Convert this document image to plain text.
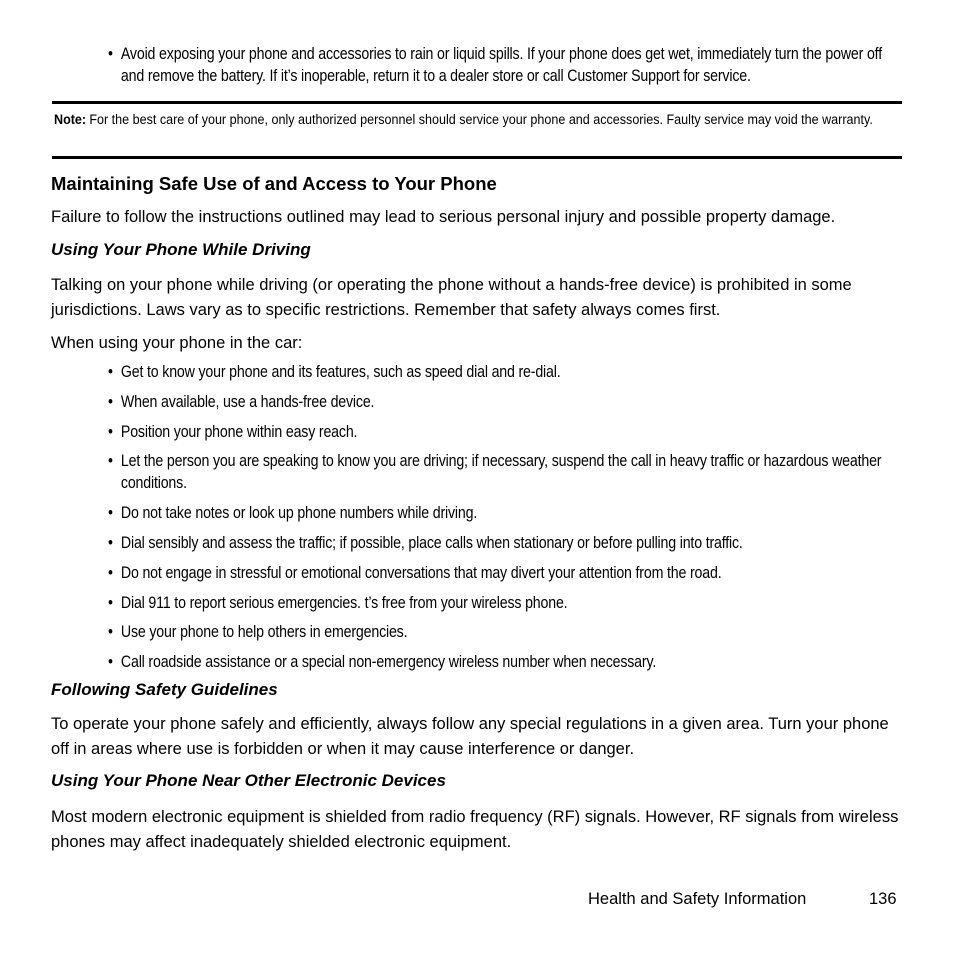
• Avoid exposing your phone and accessories to rain or liquid spills. If your phone does get wet, immediately turn the power off and remove the battery. If it’s inoperable, return it to a dealer store or call Customer Support for service.
Note: For the best care of your phone, only authorized personnel should service your phone and accessories. Faulty service may void the warranty.
Maintaining Safe Use of and Access to Your Phone
Failure to follow the instructions outlined may lead to serious personal injury and possible property damage.
Using Your Phone While Driving
Talking on your phone while driving (or operating the phone without a hands-free device) is prohibited in some jurisdictions. Laws vary as to specific restrictions. Remember that safety always comes first.
When using your phone in the car:
• Get to know your phone and its features, such as speed dial and re-dial.
• When available, use a hands-free device.
• Position your phone within easy reach.
• Let the person you are speaking to know you are driving; if necessary, suspend the call in heavy traffic or hazardous weather conditions.
• Do not take notes or look up phone numbers while driving.
• Dial sensibly and assess the traffic; if possible, place calls when stationary or before pulling into traffic.
• Do not engage in stressful or emotional conversations that may divert your attention from the road.
• Dial 911 to report serious emergencies. t’s free from your wireless phone.
• Use your phone to help others in emergencies.
• Call roadside assistance or a special non-emergency wireless number when necessary.
Following Safety Guidelines
To operate your phone safely and efficiently, always follow any special regulations in a given area. Turn your phone off in areas where use is forbidden or when it may cause interference or danger.
Using Your Phone Near Other Electronic Devices
Most modern electronic equipment is shielded from radio frequency (RF) signals. However, RF signals from wireless phones may affect inadequately shielded electronic equipment.
Health and Safety Information	136
